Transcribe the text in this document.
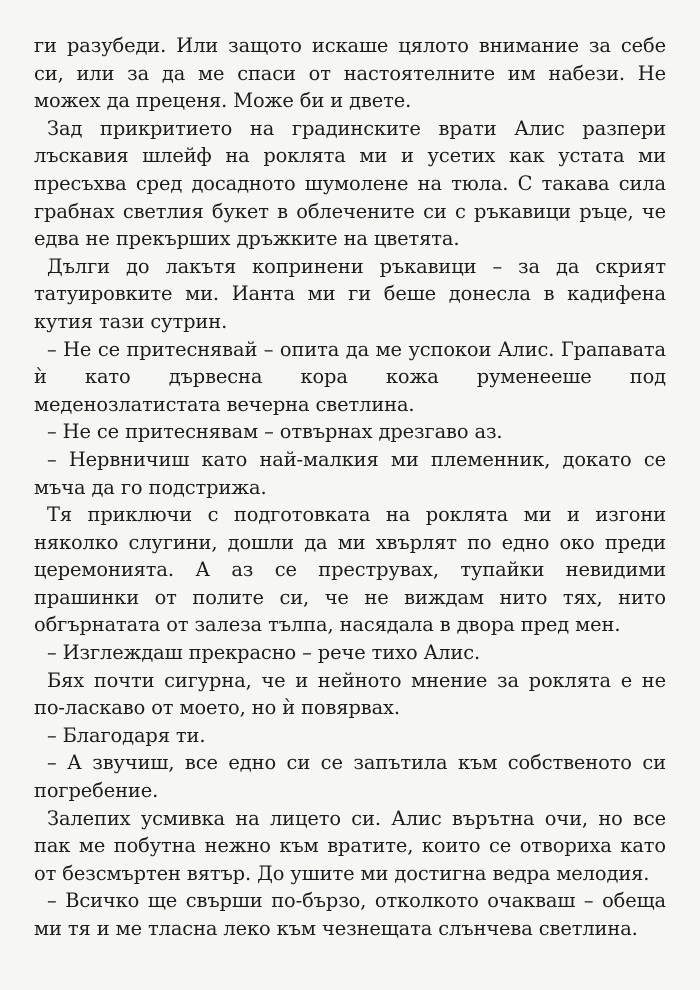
ги разубеди. Или защото искаше цялото внимание за себе си, или за да ме спаси от настоятелните им набези. Не можех да преценя. Може би и двете.

Зад прикритието на градинските врати Алис разпери лъскавия шлейф на роклята ми и усетих как устата ми пресъхва сред досадното шумолене на тюла. С такава сила грабнах светлия букет в облечените си с ръкавици ръце, че едва не прекърших дръжките на цветята.

Дълги до лакътя копринени ръкавици – за да скрият татуировките ми. Ианта ми ги беше донесла в кадифена кутия тази сутрин.

– Не се притеснявай – опита да ме успокои Алис. Грапавата ѝ като дървесна кора кожа руменееше под меденозлатистата вечерна светлина.

– Не се притеснявам – отвърнах дрезгаво аз.

– Нервничиш като най-малкия ми племенник, докато се мъча да го подстрижа.

Тя приключи с подготовката на роклята ми и изгони няколко слугини, дошли да ми хвърлят по едно око преди церемонията. А аз се преструвах, тупайки невидими прашинки от полите си, че не виждам нито тях, нито обгърнатата от залеза тълпа, насядала в двора пред мен.

– Изглеждаш прекрасно – рече тихо Алис.

Бях почти сигурна, че и нейното мнение за роклята е не по-ласкаво от моето, но ѝ повярвах.

– Благодаря ти.

– А звучиш, все едно си се запътила към собственото си погребение.

Залепих усмивка на лицето си. Алис върътна очи, но все пак ме побутна нежно към вратите, които се отвориха като от безсмъртен вятър. До ушите ми достигна ведра мелодия.

– Всичко ще свърши по-бързо, отколкото очакваш – обеща ми тя и ме тласна леко към чезнещата слънчева светлина.
